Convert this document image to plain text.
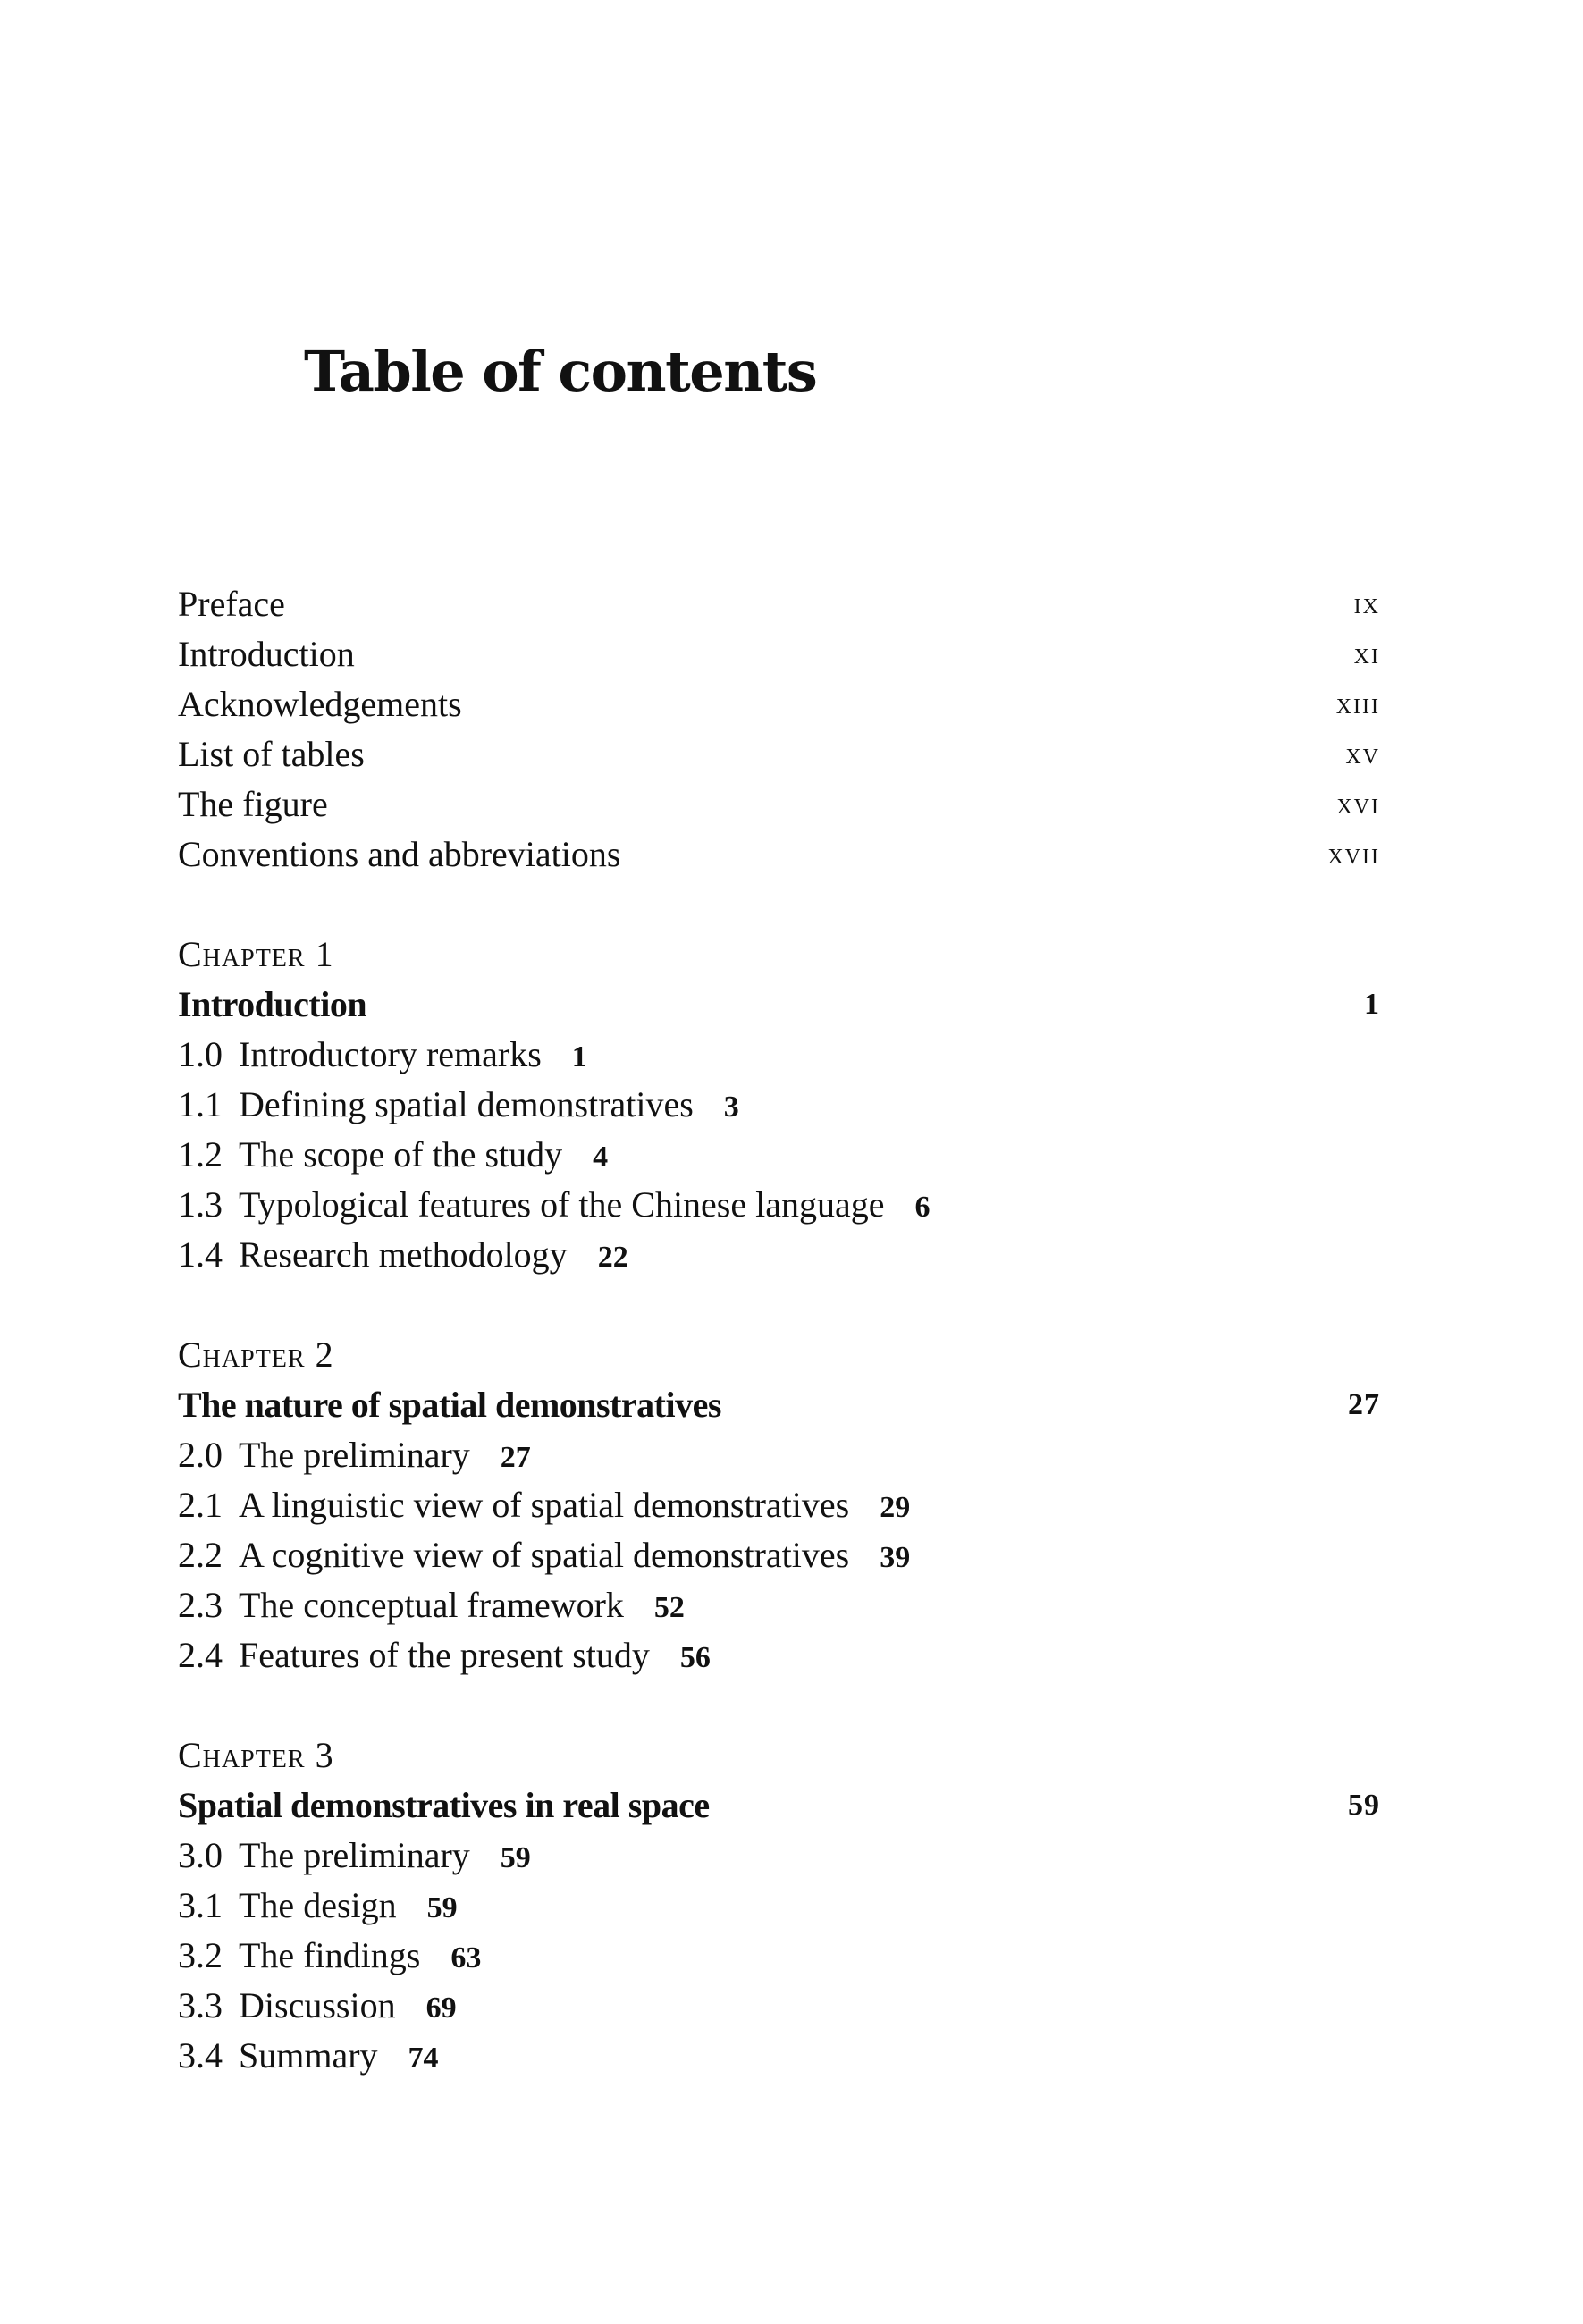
Table of contents
Preface	ix
Introduction	xi
Acknowledgements	xiii
List of tables	xv
The figure	xvi
Conventions and abbreviations	xvii
Chapter 1
Introduction	1
1.0 Introductory remarks 1
1.1 Defining spatial demonstratives 3
1.2 The scope of the study 4
1.3 Typological features of the Chinese language 6
1.4 Research methodology 22
Chapter 2
The nature of spatial demonstratives	27
2.0 The preliminary 27
2.1 A linguistic view of spatial demonstratives 29
2.2 A cognitive view of spatial demonstratives 39
2.3 The conceptual framework 52
2.4 Features of the present study 56
Chapter 3
Spatial demonstratives in real space	59
3.0 The preliminary 59
3.1 The design 59
3.2 The findings 63
3.3 Discussion 69
3.4 Summary 74
